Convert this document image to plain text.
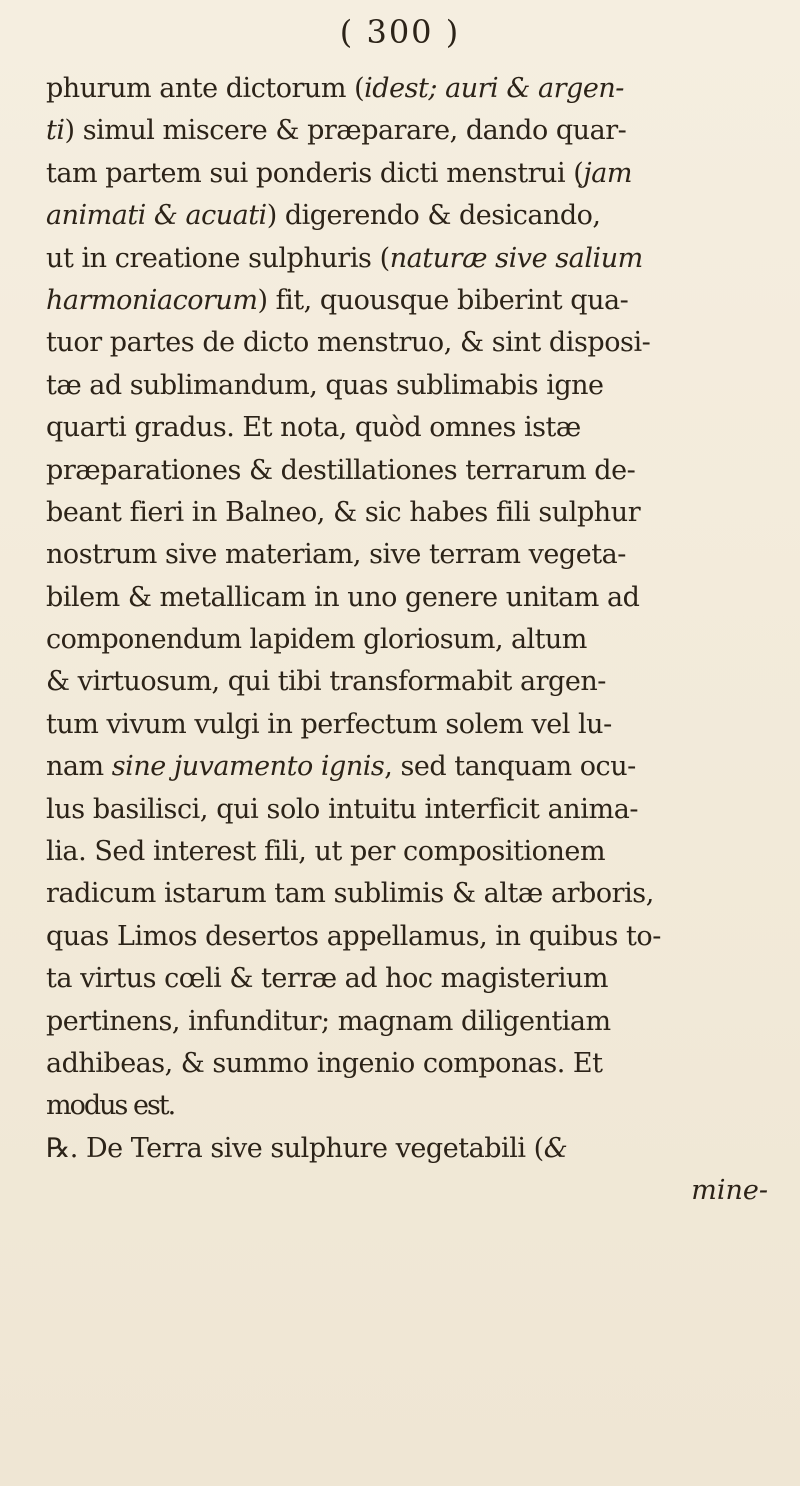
( 300 )
phurum ante dictorum (idest; auri & argen-
ti) simul miscere & præparare, dando quar-
tam partem sui ponderis dicti menstrui (jam
animati & acuati) digerendo & desicando,
ut in creatione sulphuris (naturæ sive salium
harmoniacorum) fit, quousque biberint qua-
tuor partes de dicto menstruo, & sint disposi-
tæ ad sublimandum, quas sublimabis igne
quarti gradus. Et nota, quòd omnes istæ
præparationes & destillationes terrarum de-
beant fieri in Balneo, & sic habes fili sulphur
nostrum sive materiam, sive terram vegeta-
bilem & metallicam in uno genere unitam ad
componendum lapidem gloriosum, altum
& virtuosum, qui tibi transformabit argen-
tum vivum vulgi in perfectum solem vel lu-
nam sine juvamento ignis, sed tanquam ocu-
lus basilisci, qui solo intuitu interficit anima-
lia. Sed interest fili, ut per compositionem
radicum istarum tam sublimis & altæ arboris,
quas Limos desertos appellamus, in quibus to-
ta virtus cœli & terræ ad hoc magisterium
pertinens, infunditur; magnam diligentiam
adhibeas, & summo ingenio componas. Et
modus est.
℞. De Terra sive sulphure vegetabili (&
mine-
